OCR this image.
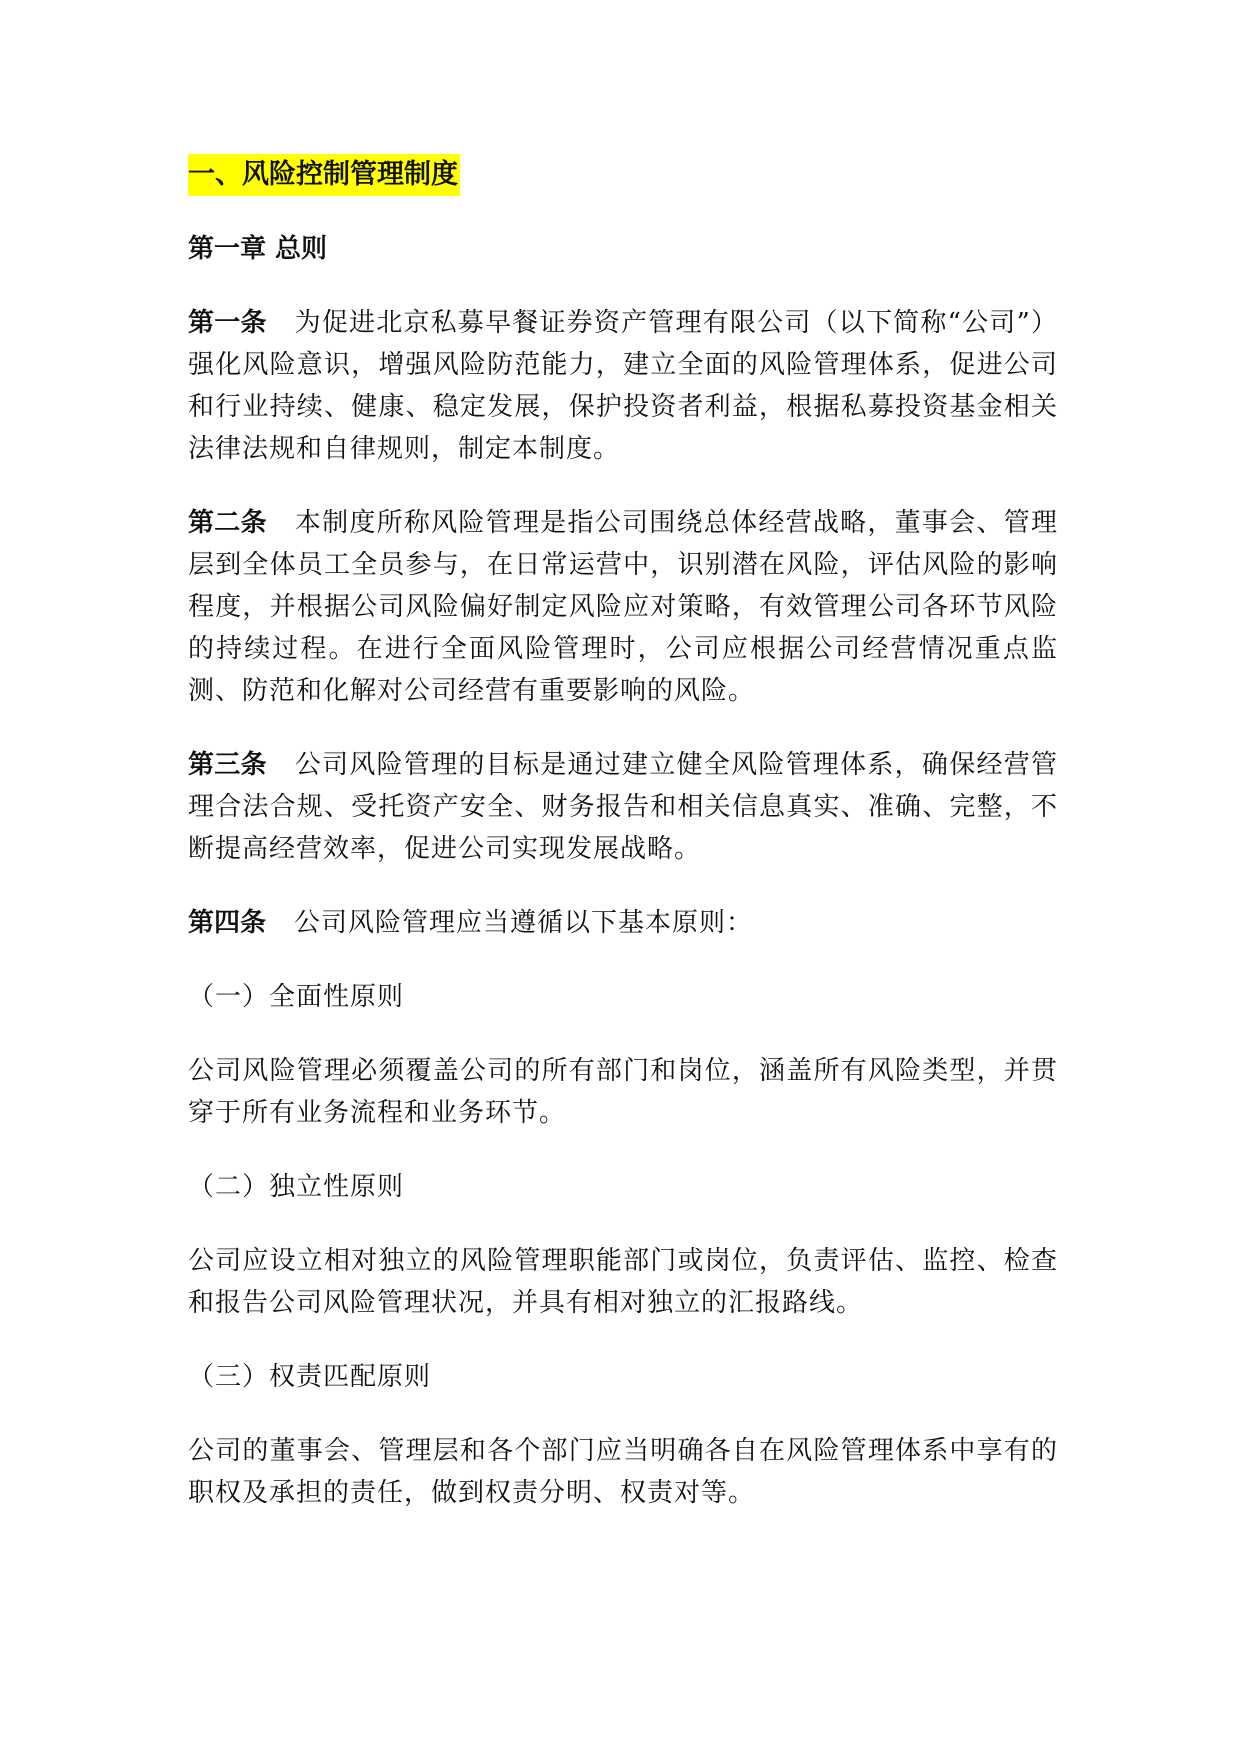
一、风险控制管理制度
第一章 总则
第一条 为促进北京私募早餐证券资产管理有限公司（以下简称“公司”）强化风险意识，增强风险防范能力，建立全面的风险管理体系，促进公司和行业持续、健康、稳定发展，保护投资者利益，根据私募投资基金相关法律法规和自律规则，制定本制度。
第二条 本制度所称风险管理是指公司围绕总体经营战略，董事会、管理层到全体员工全员参与，在日常运营中，识别潜在风险，评估风险的影响程度，并根据公司风险偏好制定风险应对策略，有效管理公司各环节风险的持续过程。在进行全面风险管理时，公司应根据公司经营情况重点监测、防范和化解对公司经营有重要影响的风险。
第三条 公司风险管理的目标是通过建立健全风险管理体系，确保经营管理合法合规、受托资产安全、财务报告和相关信息真实、准确、完整，不断提高经营效率，促进公司实现发展战略。
第四条 公司风险管理应当遵循以下基本原则：
（一）全面性原则
公司风险管理必须覆盖公司的所有部门和岗位，涵盖所有风险类型，并贯穿于所有业务流程和业务环节。
（二）独立性原则
公司应设立相对独立的风险管理职能部门或岗位，负责评估、监控、检查和报告公司风险管理状况，并具有相对独立的汇报路线。
（三）权责匹配原则
公司的董事会、管理层和各个部门应当明确各自在风险管理体系中享有的职权及承担的责任，做到权责分明、权责对等。
